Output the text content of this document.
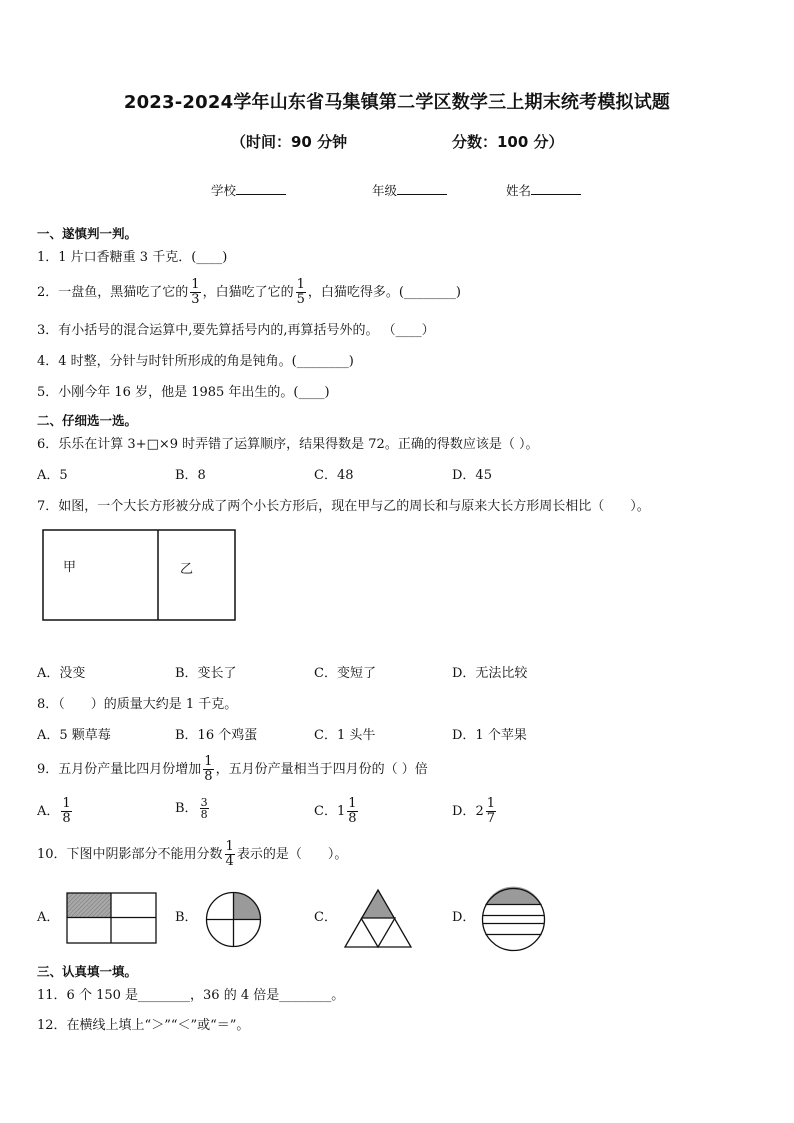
2023-2024学年山东省马集镇第二学区数学三上期末统考模拟试题
（时间：90 分钟	分数：100 分）
学校	年级	姓名
一、遂慎判一判。
1．1 片口香糖重 3 千克．(____)
2．一盘鱼，黑猫吃了它的 $\frac{1}{3}$ ，白猫吃了它的 $\frac{1}{5}$ ，白猫吃得多。(________)
3．有小括号的混合运算中,要先算括号内的,再算括号外的。 （____）
4．4 时整，分针与时针所形成的角是钝角。(________)
5．小刚今年 16 岁，他是 1985 年出生的。(____)
二、仔细选一选。
6．乐乐在计算 3+□×9 时弄错了运算顺序，结果得数是 72。正确的得数应该是（ ）。
A．5	B．8	C．48	D．45
7．如图，一个大长方形被分成了两个小长方形后，现在甲与乙的周长和与原来大长方形周长相比（　　）。
甲	乙
A．没变	B．变长了	C．变短了	D．无法比较
8．（　　）的质量大约是 1 千克。
A．5 颗草莓	B．16 个鸡蛋	C．1 头牛	D．1 个苹果
9．五月份产量比四月份增加 $\frac{1}{8}$ ，五月份产量相当于四月份的（ ）倍
A． $\frac{1}{8}$	B． $\frac{3}{8}$	C． $1 \frac{1}{8}$	D． $2 \frac{1}{7}$
10．下图中阴影部分不能用分数 $\frac{1}{4}$ 表示的是（　　）。
A．	B．	C．	D．
三、认真填一填。
11．6 个 150 是________，36 的 4 倍是________。
12．在横线上填上“＞”“＜”或“＝”。
